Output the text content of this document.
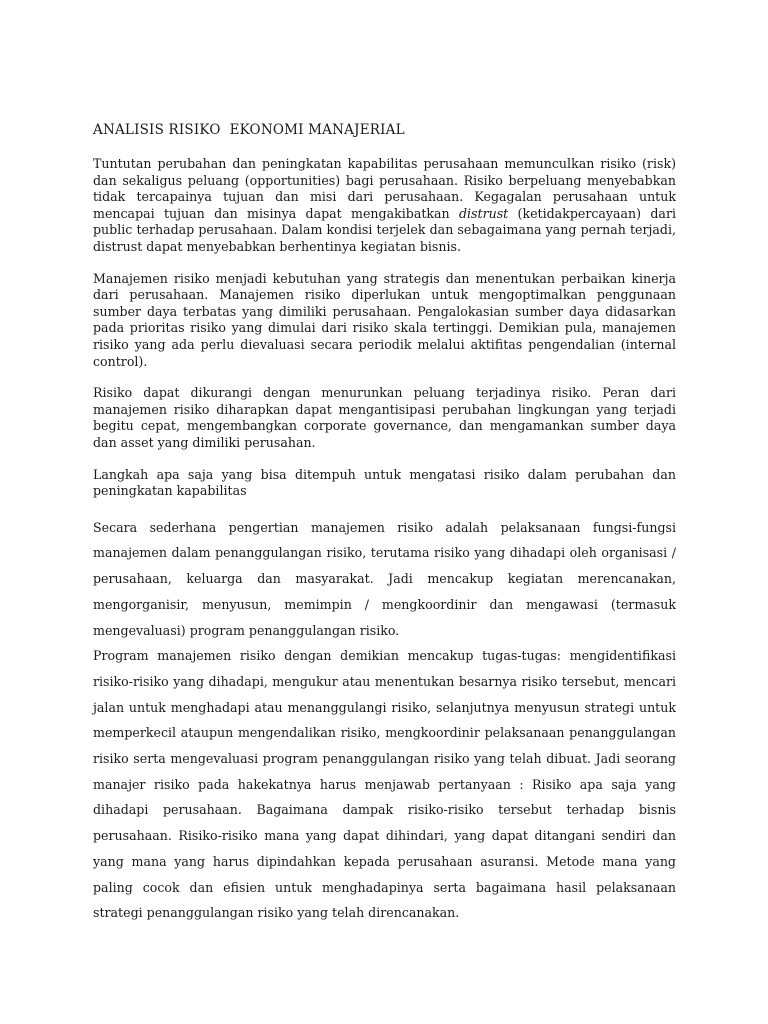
ANALISIS RISIKO  EKONOMI MANAJERIAL

Tuntutan perubahan dan peningkatan kapabilitas perusahaan memunculkan risiko (risk) dan sekaligus peluang (opportunities) bagi perusahaan. Risiko berpeluang menyebabkan tidak tercapainya tujuan dan misi dari perusahaan. Kegagalan perusahaan untuk mencapai tujuan dan misinya dapat mengakibatkan distrust (ketidakpercayaan) dari public terhadap perusahaan. Dalam kondisi terjelek dan sebagaimana yang pernah terjadi, distrust dapat menyebabkan berhentinya kegiatan bisnis.

Manajemen risiko menjadi kebutuhan yang strategis dan menentukan perbaikan kinerja dari perusahaan. Manajemen risiko diperlukan untuk mengoptimalkan penggunaan sumber daya terbatas yang dimiliki perusahaan. Pengalokasian sumber daya didasarkan pada prioritas risiko yang dimulai dari risiko skala tertinggi. Demikian pula, manajemen risiko yang ada perlu dievaluasi secara periodik melalui aktifitas pengendalian (internal control).

Risiko dapat dikurangi dengan menurunkan peluang terjadinya risiko. Peran dari manajemen risiko diharapkan dapat mengantisipasi perubahan lingkungan yang terjadi begitu cepat, mengembangkan corporate governance, dan mengamankan sumber daya dan asset yang dimiliki perusahan.

Langkah apa saja yang bisa ditempuh untuk mengatasi risiko dalam perubahan dan peningkatan kapabilitas

Secara sederhana pengertian manajemen risiko adalah pelaksanaan fungsi-fungsi manajemen dalam penanggulangan risiko, terutama risiko yang dihadapi oleh organisasi / perusahaan, keluarga dan masyarakat. Jadi mencakup kegiatan merencanakan, mengorganisir, menyusun, memimpin / mengkoordinir dan mengawasi (termasuk mengevaluasi) program penanggulangan risiko.

Program manajemen risiko dengan demikian mencakup tugas-tugas: mengidentifikasi risiko-risiko yang dihadapi, mengukur atau menentukan besarnya risiko tersebut, mencari jalan untuk menghadapi atau menanggulangi risiko, selanjutnya menyusun strategi untuk memperkecil ataupun mengendalikan risiko, mengkoordinir pelaksanaan penanggulangan risiko serta mengevaluasi program penanggulangan risiko yang telah dibuat. Jadi seorang manajer risiko pada hakekatnya harus menjawab pertanyaan : Risiko apa saja yang dihadapi perusahaan. Bagaimana dampak risiko-risiko tersebut terhadap bisnis perusahaan. Risiko-risiko mana yang dapat dihindari, yang dapat ditangani sendiri dan yang mana yang harus dipindahkan kepada perusahaan asuransi. Metode mana yang paling cocok dan efisien untuk menghadapinya serta bagaimana hasil pelaksanaan strategi penanggulangan risiko yang telah direncanakan.
